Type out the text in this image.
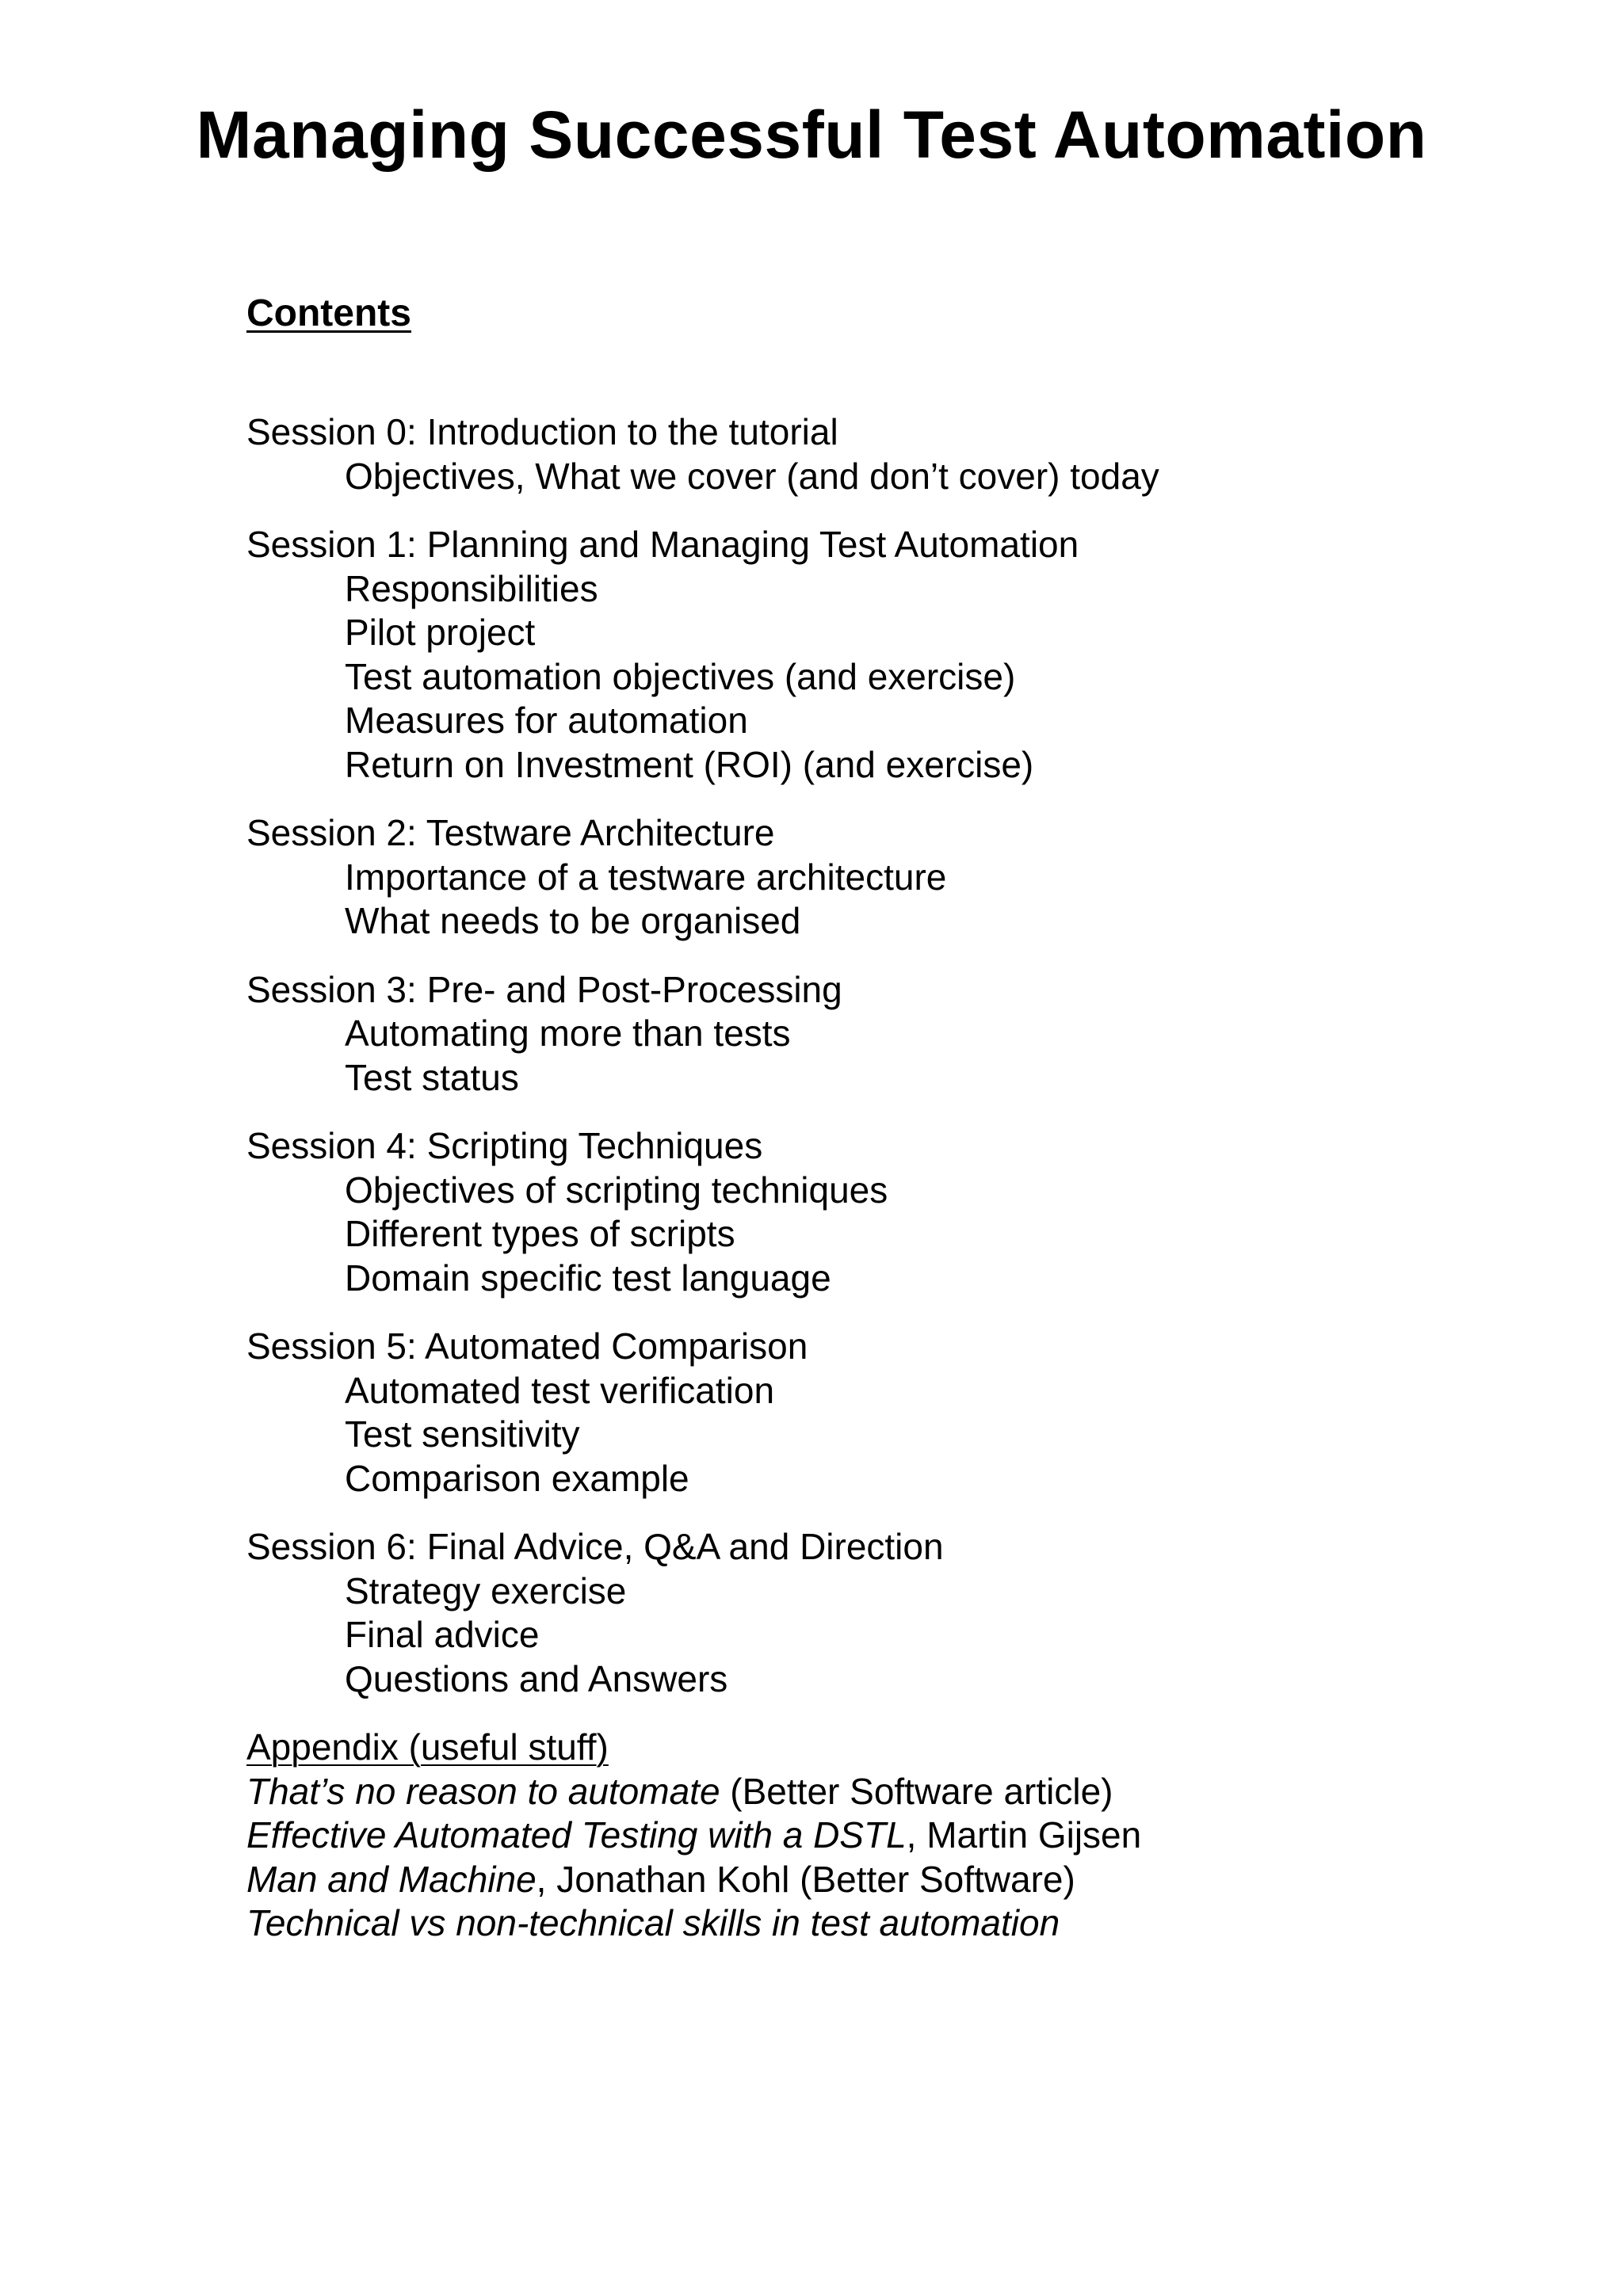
Managing Successful Test Automation
Contents
Session 0: Introduction to the tutorial
Objectives, What we cover (and don’t cover) today
Session 1: Planning and Managing Test Automation
Responsibilities
Pilot project
Test automation objectives (and exercise)
Measures for automation
Return on Investment (ROI) (and exercise)
Session 2: Testware Architecture
Importance of a testware architecture
What needs to be organised
Session 3: Pre- and Post-Processing
Automating more than tests
Test status
Session 4: Scripting Techniques
Objectives of scripting techniques
Different types of scripts
Domain specific test language
Session 5: Automated Comparison
Automated test verification
Test sensitivity
Comparison example
Session 6: Final Advice, Q&A and Direction
Strategy exercise
Final advice
Questions and Answers
Appendix (useful stuff)
That’s no reason to automate (Better Software article)
Effective Automated Testing with a DSTL, Martin Gijsen
Man and Machine, Jonathan Kohl (Better Software)
Technical vs non-technical skills in test automation
